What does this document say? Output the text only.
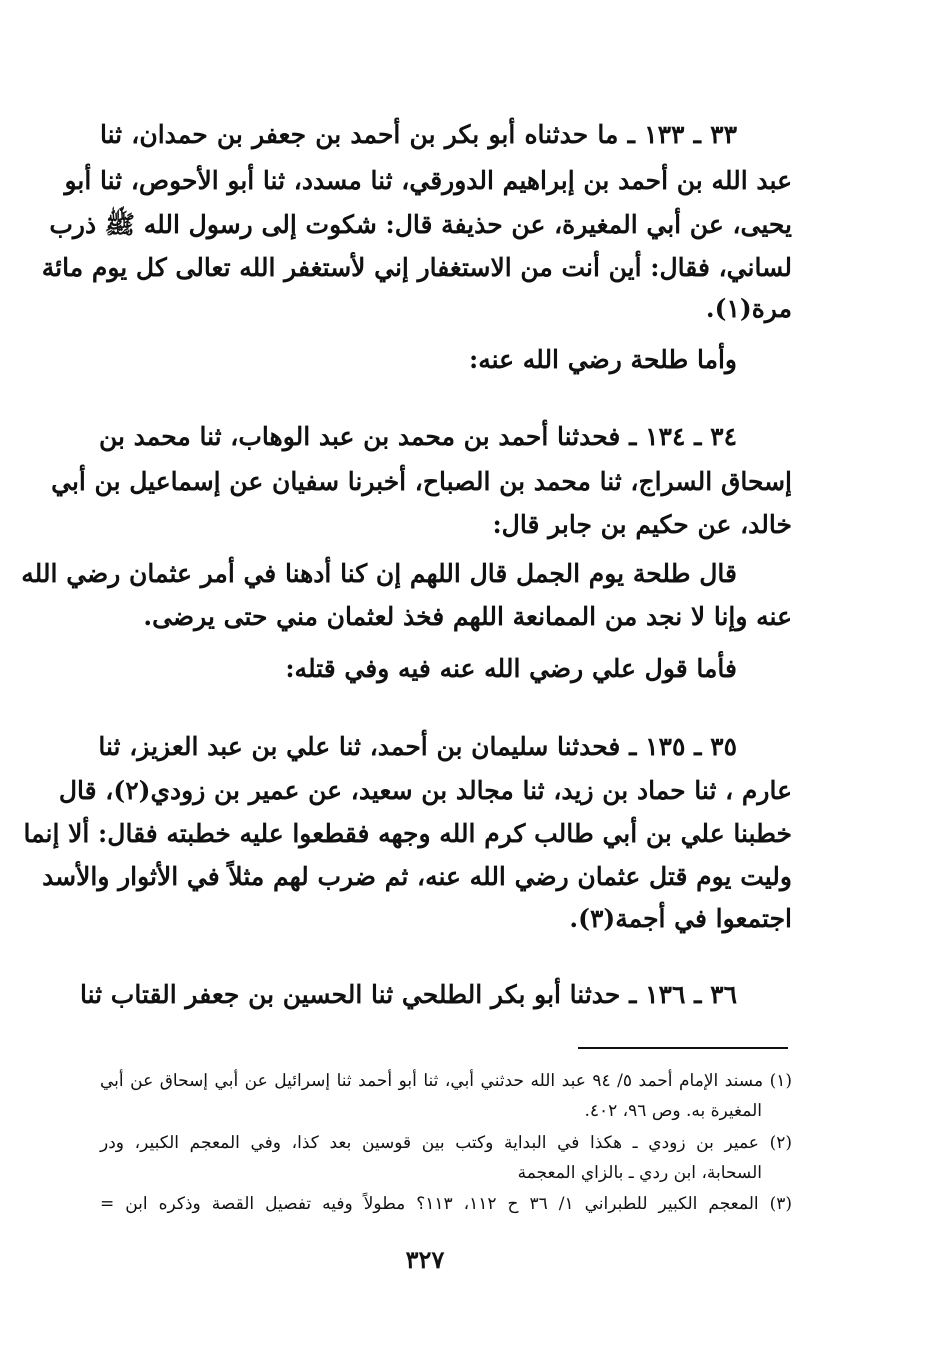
٣٣ ـ ١٣٣ ـ ما حدثناه أبو بكر بن أحمد بن جعفر بن حمدان، ثنا
عبد الله بن أحمد بن إبراهيم الدورقي، ثنا مسدد، ثنا أبو الأحوص، ثنا أبو
يحيى، عن أبي المغيرة، عن حذيفة قال: شكوت إلى رسول الله ﷺ ذرب
لساني، فقال: أين أنت من الاستغفار إني لأستغفر الله تعالى كل يوم مائة
مرة(١).
وأما طلحة رضي الله عنه:
٣٤ ـ ١٣٤ ـ فحدثنا أحمد بن محمد بن عبد الوهاب، ثنا محمد بن
إسحاق السراج، ثنا محمد بن الصباح، أخبرنا سفيان عن إسماعيل بن أبي
خالد، عن حكيم بن جابر قال:
قال طلحة يوم الجمل قال اللهم إن كنا أدهنا في أمر عثمان رضي الله
عنه وإنا لا نجد من الممانعة اللهم فخذ لعثمان مني حتى يرضى.
فأما قول علي رضي الله عنه فيه وفي قتله:
٣٥ ـ ١٣٥ ـ فحدثنا سليمان بن أحمد، ثنا علي بن عبد العزيز، ثنا
عارم ، ثنا حماد بن زيد، ثنا مجالد بن سعيد، عن عمير بن زودي(٢)، قال
خطبنا علي بن أبي طالب كرم الله وجهه فقطعوا عليه خطبته فقال: ألا إنما
وليت يوم قتل عثمان رضي الله عنه، ثم ضرب لهم مثلاً في الأثوار والأسد
اجتمعوا في أجمة(٣).
٣٦ ـ ١٣٦ ـ حدثنا أبو بكر الطلحي ثنا الحسين بن جعفر القتاب ثنا
(١) مسند الإمام أحمد ٥/ ٩٤ عبد الله حدثني أبي، ثنا أبو أحمد ثنا إسرائيل عن أبي إسحاق عن أبي
المغيرة به. وص ٩٦، ٤٠٢.
(٢) عمير بن زودي ـ هكذا في البداية وكتب بين قوسين بعد كذا، وفي المعجم الكبير، ودر
السحابة، ابن ردي ـ بالزاي المعجمة
(٣) المعجم الكبير للطبراني ١/ ٣٦ ح ١١٢، ١١٣؟ مطولاً وفيه تفصيل القصة وذكره ابن =
٣٢٧
